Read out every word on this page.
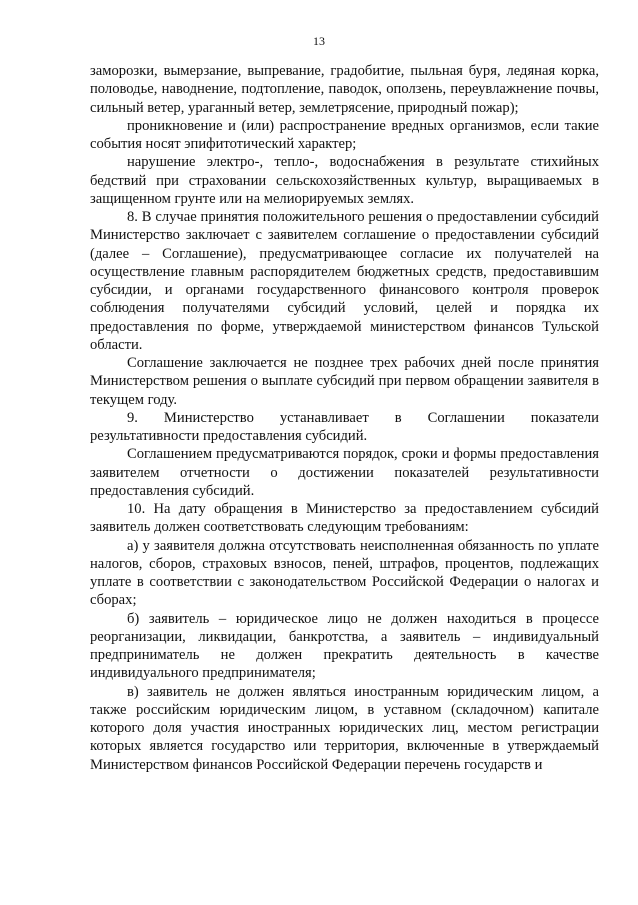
13

заморозки, вымерзание, выпревание, градобитие, пыльная буря, ледяная корка, половодье, наводнение, подтопление, паводок, оползень, переувлажнение почвы, сильный ветер, ураганный ветер, землетрясение, природный пожар);

проникновение и (или) распространение вредных организмов, если такие события носят эпифитотический характер;

нарушение электро-, тепло-, водоснабжения в результате стихийных бедствий при страховании сельскохозяйственных культур, выращиваемых в защищенном грунте или на мелиорируемых землях.

8. В случае принятия положительного решения о предоставлении субсидий Министерство заключает с заявителем соглашение о предоставлении субсидий (далее – Соглашение), предусматривающее согласие их получателей на осуществление главным распорядителем бюджетных средств, предоставившим субсидии, и органами государственного финансового контроля проверок соблюдения получателями субсидий условий, целей и порядка их предоставления по форме, утверждаемой министерством финансов Тульской области.

Соглашение заключается не позднее трех рабочих дней после принятия Министерством решения о выплате субсидий при первом обращении заявителя в текущем году.

9. Министерство устанавливает в Соглашении показатели результативности предоставления субсидий.

Соглашением предусматриваются порядок, сроки и формы предоставления заявителем отчетности о достижении показателей результативности предоставления субсидий.

10. На дату обращения в Министерство за предоставлением субсидий заявитель должен соответствовать следующим требованиям:

а) у заявителя должна отсутствовать неисполненная обязанность по уплате налогов, сборов, страховых взносов, пеней, штрафов, процентов, подлежащих уплате в соответствии с законодательством Российской Федерации о налогах и сборах;

б) заявитель – юридическое лицо не должен находиться в процессе реорганизации, ликвидации, банкротства, а заявитель – индивидуальный предприниматель не должен прекратить деятельность в качестве индивидуального предпринимателя;

в) заявитель не должен являться иностранным юридическим лицом, а также российским юридическим лицом, в уставном (складочном) капитале которого доля участия иностранных юридических лиц, местом регистрации которых является государство или территория, включенные в утверждаемый Министерством финансов Российской Федерации перечень государств и
